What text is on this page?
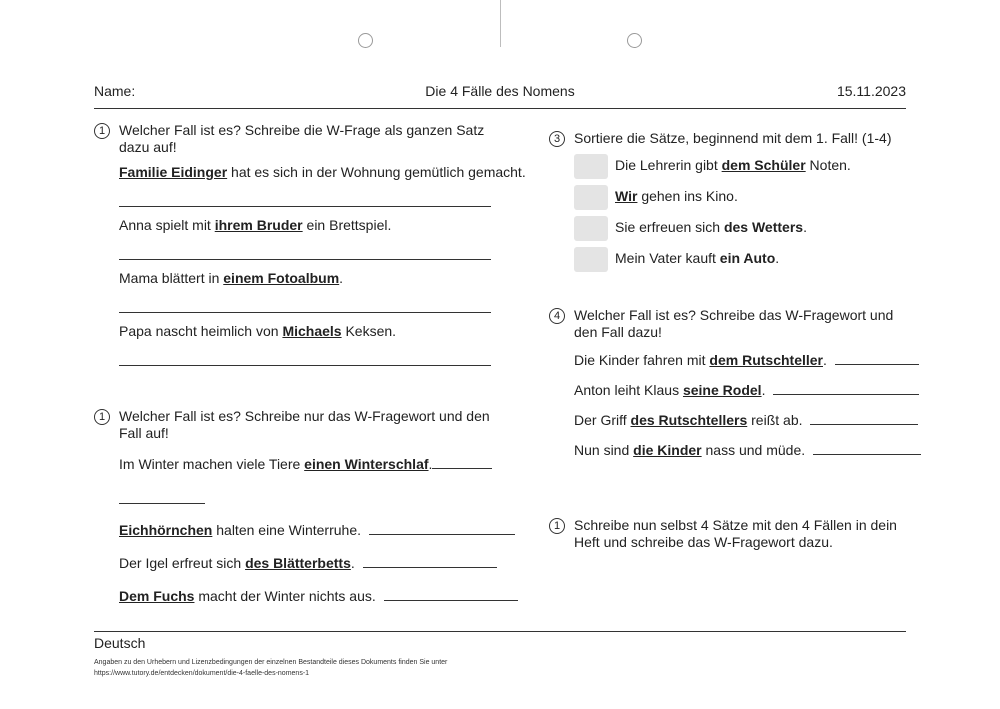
Name:	Die 4 Fälle des Nomens	15.11.2023
1 Welcher Fall ist es? Schreibe die W-Frage als ganzen Satz dazu auf!
Familie Eidinger hat es sich in der Wohnung gemütlich gemacht.
Anna spielt mit ihrem Bruder ein Brettspiel.
Mama blättert in einem Fotoalbum.
Papa nascht heimlich von Michaels Keksen.
1 Welcher Fall ist es? Schreibe nur das W-Fragewort und den Fall auf!
Im Winter machen viele Tiere einen Winterschlaf.
Eichhörnchen halten eine Winterruhe.
Der Igel erfreut sich des Blätterbetts.
Dem Fuchs macht der Winter nichts aus.
3 Sortiere die Sätze, beginnend mit dem 1. Fall! (1-4)
Die Lehrerin gibt dem Schüler Noten.
Wir gehen ins Kino.
Sie erfreuen sich des Wetters.
Mein Vater kauft ein Auto.
4 Welcher Fall ist es? Schreibe das W-Fragewort und den Fall dazu!
Die Kinder fahren mit dem Rutschteller.
Anton leiht Klaus seine Rodel.
Der Griff des Rutschtellers reißt ab.
Nun sind die Kinder nass und müde.
1 Schreibe nun selbst 4 Sätze mit den 4 Fällen in dein Heft und schreibe das W-Fragewort dazu.
Deutsch
Angaben zu den Urhebern und Lizenzbedingungen der einzelnen Bestandteile dieses Dokuments finden Sie unter
https://www.tutory.de/entdecken/dokument/die-4-faelle-des-nomens-1
